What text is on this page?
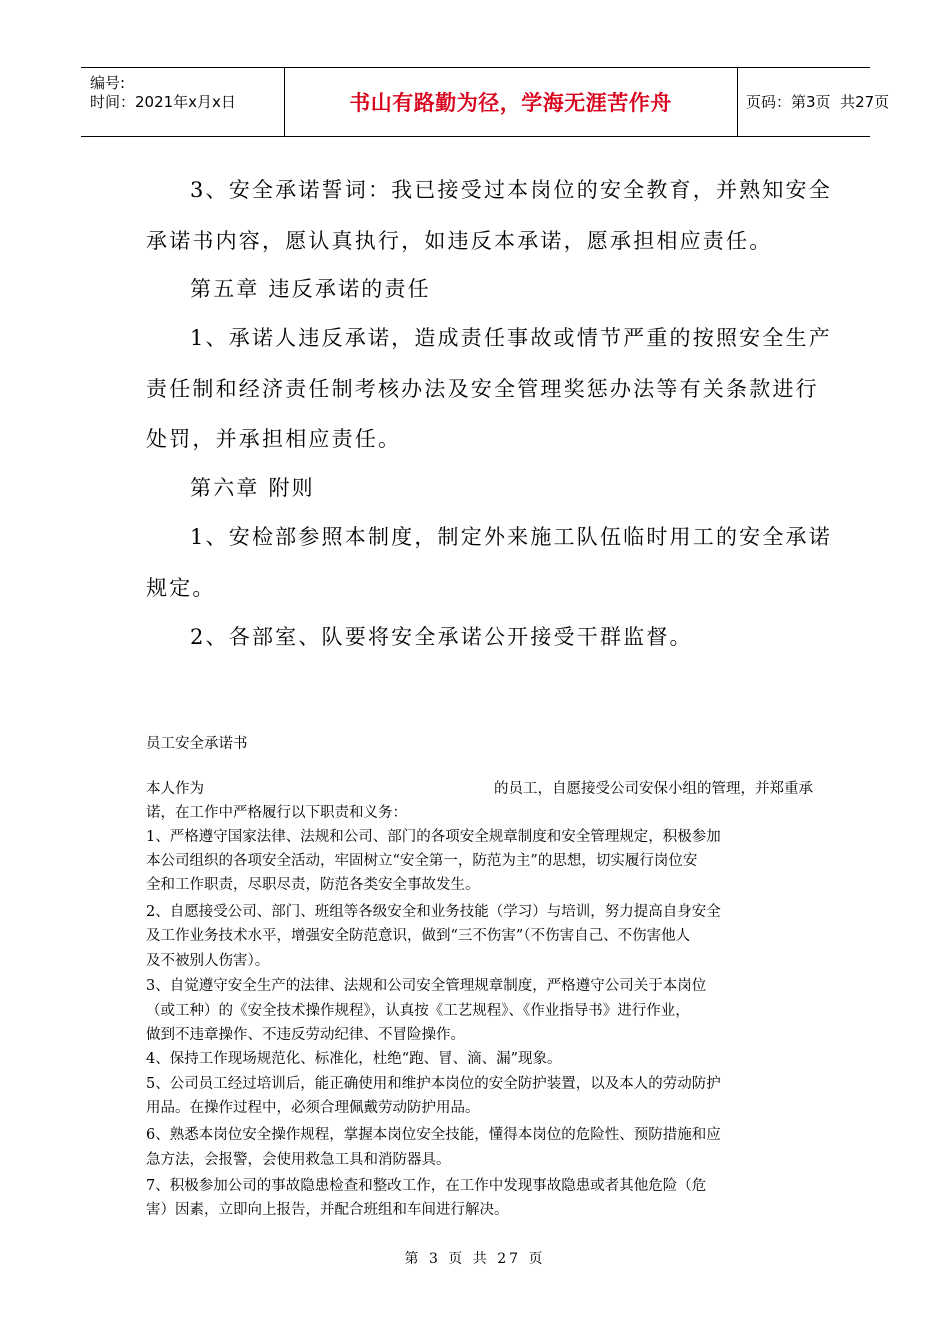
编号:
时间：2021年x月x日	书山有路勤为径，学海无涯苦作舟	页码：第3页  共27页
3、安全承诺誓词：我已接受过本岗位的安全教育，并熟知安全
承诺书内容，愿认真执行，如违反本承诺，愿承担相应责任。
第五章 违反承诺的责任
1、承诺人违反承诺，造成责任事故或情节严重的按照安全生产
责任制和经济责任制考核办法及安全管理奖惩办法等有关条款进行
处罚，并承担相应责任。
第六章 附则
1、安检部参照本制度，制定外来施工队伍临时用工的安全承诺
规定。
2、各部室、队要将安全承诺公开接受干群监督。
员工安全承诺书
本人作为	的员工，自愿接受公司安保小组的管理，并郑重承
诺，在工作中严格履行以下职责和义务：
1、严格遵守国家法律、法规和公司、部门的各项安全规章制度和安全管理规定，积极参加
本公司组织的各项安全活动，牢固树立“安全第一，防范为主”的思想，切实履行岗位安
全和工作职责，尽职尽责，防范各类安全事故发生。
2、自愿接受公司、部门、班组等各级安全和业务技能（学习）与培训，努力提高自身安全
及工作业务技术水平，增强安全防范意识，做到“三不伤害”（不伤害自己、不伤害他人
及不被别人伤害）。
3、自觉遵守安全生产的法律、法规和公司安全管理规章制度，严格遵守公司关于本岗位
（或工种）的《安全技术操作规程》，认真按《工艺规程》、《作业指导书》进行作业，
做到不违章操作、不违反劳动纪律、不冒险操作。
4、保持工作现场规范化、标准化，杜绝“跑、冒、滴、漏”现象。
5、公司员工经过培训后，能正确使用和维护本岗位的安全防护装置，以及本人的劳动防护
用品。在操作过程中，必须合理佩戴劳动防护用品。
6、熟悉本岗位安全操作规程，掌握本岗位安全技能，懂得本岗位的危险性、预防措施和应
急方法，会报警，会使用救急工具和消防器具。
7、积极参加公司的事故隐患检查和整改工作，在工作中发现事故隐患或者其他危险（危
害）因素，立即向上报告，并配合班组和车间进行解决。
第 3 页 共 27 页
